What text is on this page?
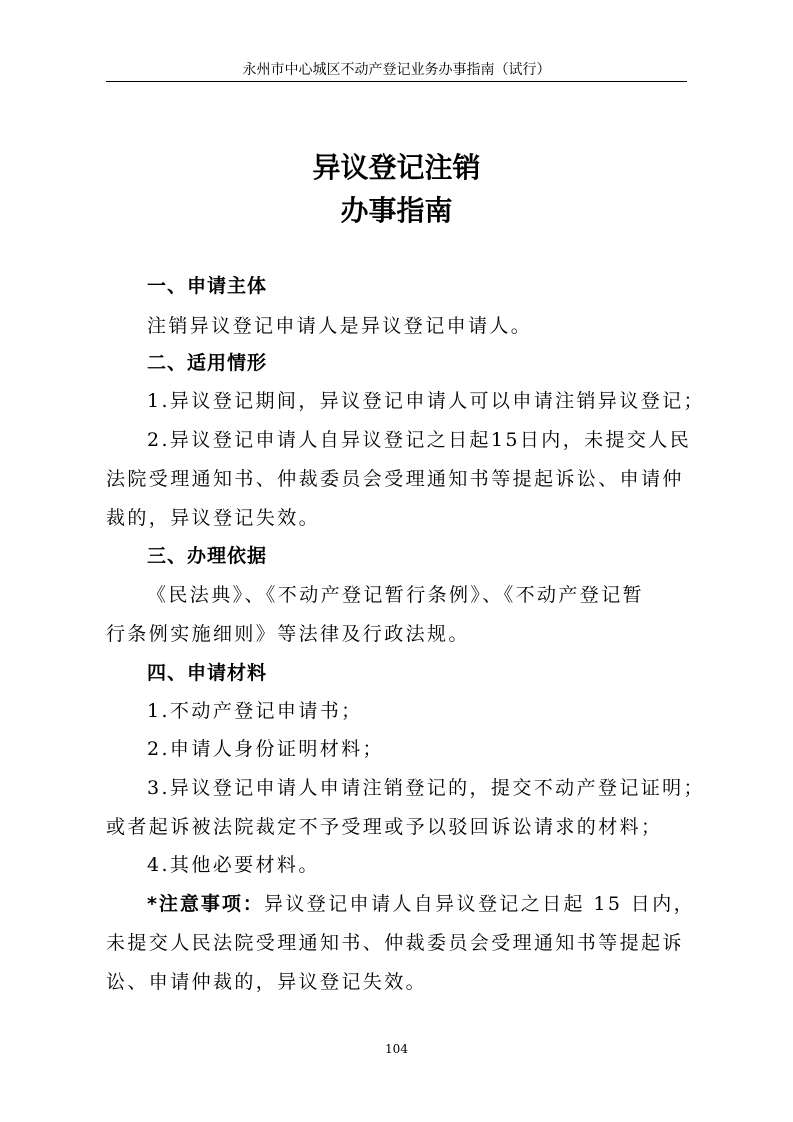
永州市中心城区不动产登记业务办事指南（试行）
异议登记注销
办事指南
一、申请主体
注销异议登记申请人是异议登记申请人。
二、适用情形
1.异议登记期间，异议登记申请人可以申请注销异议登记；
2.异议登记申请人自异议登记之日起15日内，未提交人民
法院受理通知书、仲裁委员会受理通知书等提起诉讼、申请仲
裁的，异议登记失效。
三、办理依据
《民法典》、《不动产登记暂行条例》、《不动产登记暂
行条例实施细则》等法律及行政法规。
四、申请材料
1.不动产登记申请书；
2.申请人身份证明材料；
3.异议登记申请人申请注销登记的，提交不动产登记证明；
或者起诉被法院裁定不予受理或予以驳回诉讼请求的材料；
4.其他必要材料。
*注意事项：异议登记申请人自异议登记之日起 15 日内，
未提交人民法院受理通知书、仲裁委员会受理通知书等提起诉
讼、申请仲裁的，异议登记失效。
104
